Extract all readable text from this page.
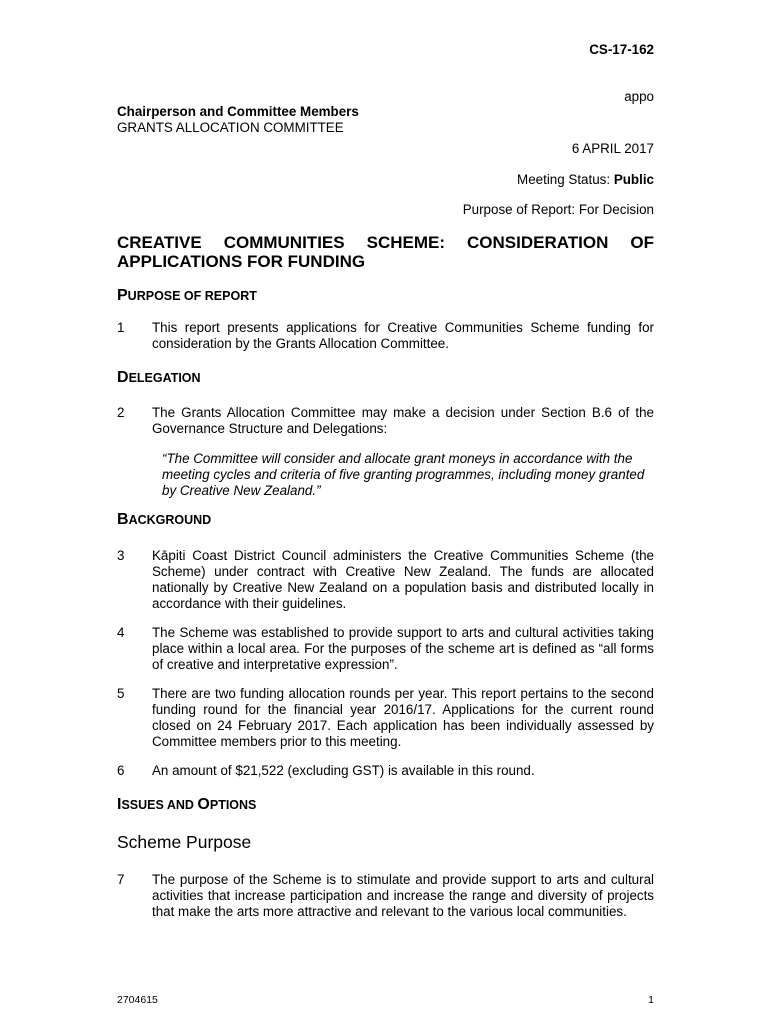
CS-17-162
appo
Chairperson and Committee Members
GRANTS ALLOCATION COMMITTEE
6 APRIL 2017
Meeting Status: Public
Purpose of Report: For Decision
CREATIVE COMMUNITIES SCHEME: CONSIDERATION OF APPLICATIONS FOR FUNDING
PURPOSE OF REPORT
1	This report presents applications for Creative Communities Scheme funding for consideration by the Grants Allocation Committee.
DELEGATION
2	The Grants Allocation Committee may make a decision under Section B.6 of the Governance Structure and Delegations:
“The Committee will consider and allocate grant moneys in accordance with the meeting cycles and criteria of five granting programmes, including money granted by Creative New Zealand.”
BACKGROUND
3	Kāpiti Coast District Council administers the Creative Communities Scheme (the Scheme) under contract with Creative New Zealand. The funds are allocated nationally by Creative New Zealand on a population basis and distributed locally in accordance with their guidelines.
4	The Scheme was established to provide support to arts and cultural activities taking place within a local area. For the purposes of the scheme art is defined as “all forms of creative and interpretative expression”.
5	There are two funding allocation rounds per year. This report pertains to the second funding round for the financial year 2016/17. Applications for the current round closed on 24 February 2017. Each application has been individually assessed by Committee members prior to this meeting.
6	An amount of $21,522 (excluding GST) is available in this round.
ISSUES AND OPTIONS
Scheme Purpose
7	The purpose of the Scheme is to stimulate and provide support to arts and cultural activities that increase participation and increase the range and diversity of projects that make the arts more attractive and relevant to the various local communities.
2704615	1
